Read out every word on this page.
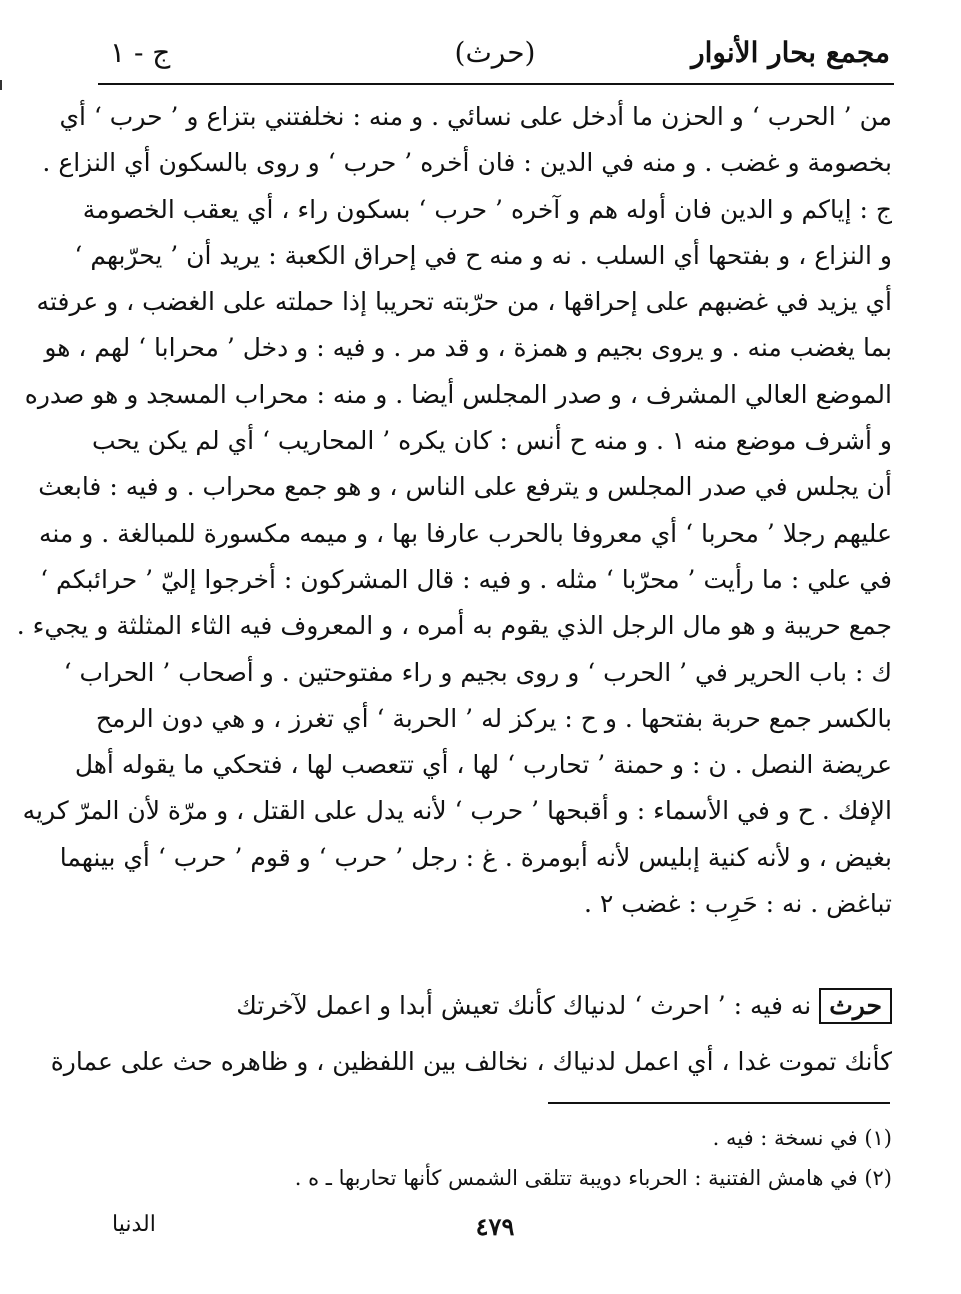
مجمع بحار الأنوار
(حرث)
ج - ١
من ’ الحرب ‘ و الحزن ما أدخل على نسائي . و منه : نخلفتني بتزاع و ’ حرب ‘ أي
بخصومة و غضب . و منه في الدين : فان أخره ’ حرب ‘ و روى بالسكون أي النزاع .
ج : إياكم و الدين فان أوله هم و آخره ’ حرب ‘ بسكون راء ، أي يعقب الخصومة
و النزاع ، و بفتحها أي السلب . نه و منه ح في إحراق الكعبة : يريد أن ’ يحرّبهم ‘
أي يزيد في غضبهم على إحراقها ، من حرّبته تحريبا إذا حملته على الغضب ، و عرفته
بما يغضب منه . و يروى بجيم و همزة ، و قد مر . و فيه : و دخل ’ محرابا ‘ لهم ، هو
الموضع العالي المشرف ، و صدر المجلس أيضا . و منه : محراب المسجد و هو صدره
و أشرف موضع منه ١ . و منه ح أنس : كان يكره ’ المحاريب ‘ أي لم يكن يحب
أن يجلس في صدر المجلس و يترفع على الناس ، و هو جمع محراب . و فيه : فابعث
عليهم رجلا ’ محربا ‘ أي معروفا بالحرب عارفا بها ، و ميمه مكسورة للمبالغة . و منه
في علي : ما رأيت ’ محرّبا ‘ مثله . و فيه : قال المشركون : أخرجوا إليّ ’ حرائبكم ‘
جمع حريبة و هو مال الرجل الذي يقوم به أمره ، و المعروف فيه الثاء المثلثة و يجيء .
ك : باب الحرير في ’ الحرب ‘ و روى بجيم و راء مفتوحتين . و أصحاب ’ الحراب ‘
بالكسر جمع حربة بفتحها . و ح : يركز له ’ الحربة ‘ أي تغرز ، و هي دون الرمح
عريضة النصل . ن : و حمنة ’ تحارب ‘ لها ، أي تتعصب لها ، فتحكي ما يقوله أهل
الإفك . ح و في الأسماء : و أقبحها ’ حرب ‘ لأنه يدل على القتل ، و مرّة لأن المرّ كريه
بغيض ، و لأنه كنية إبليس لأنه أبومرة . غ : رجل ’ حرب ‘ و قوم ’ حرب ‘ أي بينهما
تباغض . نه : حَرِب : غضب ٢ .
حرث نه فيه : ’ احرث ‘ لدنياك كأنك تعيش أبدا و اعمل لآخرتك
كأنك تموت غدا ، أي اعمل لدنياك ، نخالف بين اللفظين ، و ظاهره حث على عمارة
(١) في نسخة : فيه .
(٢) في هامش الفتنية : الحرباء دويبة تتلقى الشمس كأنها تحاربها ـ ه .
٤٧٩
الدنيا
